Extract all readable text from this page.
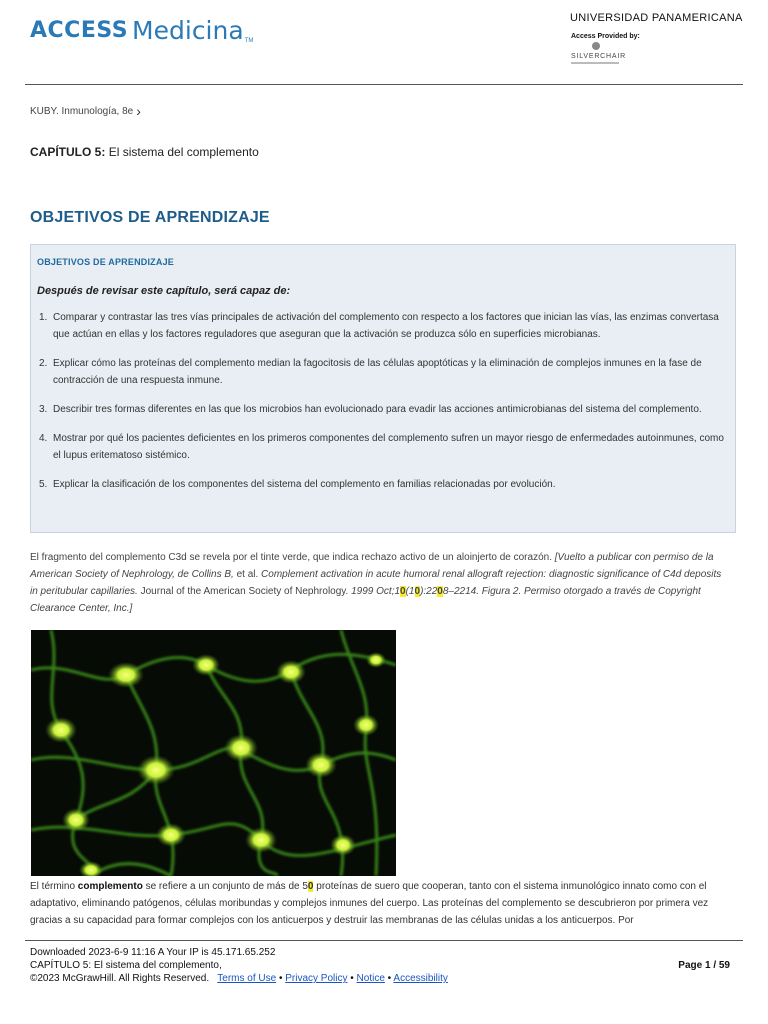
ACCESS Medicina TM
UNIVERSIDAD PANAMERICANA
Access Provided by:
SILVERCHAIR
KUBY. Inmunología, 8e ›
CAPÍTULO 5: El sistema del complemento
OBJETIVOS DE APRENDIZAJE
OBJETIVOS DE APRENDIZAJE
Después de revisar este capítulo, será capaz de:
1. Comparar y contrastar las tres vías principales de activación del complemento con respecto a los factores que inician las vías, las enzimas convertasa que actúan en ellas y los factores reguladores que aseguran que la activación se produzca sólo en superficies microbianas.
2. Explicar cómo las proteínas del complemento median la fagocitosis de las células apoptóticas y la eliminación de complejos inmunes en la fase de contracción de una respuesta inmune.
3. Describir tres formas diferentes en las que los microbios han evolucionado para evadir las acciones antimicrobianas del sistema del complemento.
4. Mostrar por qué los pacientes deficientes en los primeros componentes del complemento sufren un mayor riesgo de enfermedades autoinmunes, como el lupus eritematoso sistémico.
5. Explicar la clasificación de los componentes del sistema del complemento en familias relacionadas por evolución.
El fragmento del complemento C3d se revela por el tinte verde, que indica rechazo activo de un aloinjerto de corazón. [Vuelto a publicar con permiso de la American Society of Nephrology, de Collins B, et al. Complement activation in acute humoral renal allograft rejection: diagnostic significance of C4d deposits in peritubular capillaries. Journal of the American Society of Nephrology. 1999 Oct;10(10):2208–2214. Figura 2. Permiso otorgado a través de Copyright Clearance Center, Inc.]
El término complemento se refiere a un conjunto de más de 50 proteínas de suero que cooperan, tanto con el sistema inmunológico innato como con el adaptativo, eliminando patógenos, células moribundas y complejos inmunes del cuerpo. Las proteínas del complemento se descubrieron por primera vez gracias a su capacidad para formar complejos con los anticuerpos y destruir las membranas de las células unidas a los anticuerpos. Por
Downloaded 2023-6-9 11:16 A Your IP is 45.171.65.252
CAPÍTULO 5: El sistema del complemento,
©2023 McGrawHill. All Rights Reserved. Terms of Use • Privacy Policy • Notice • Accessibility
Page 1 / 59
